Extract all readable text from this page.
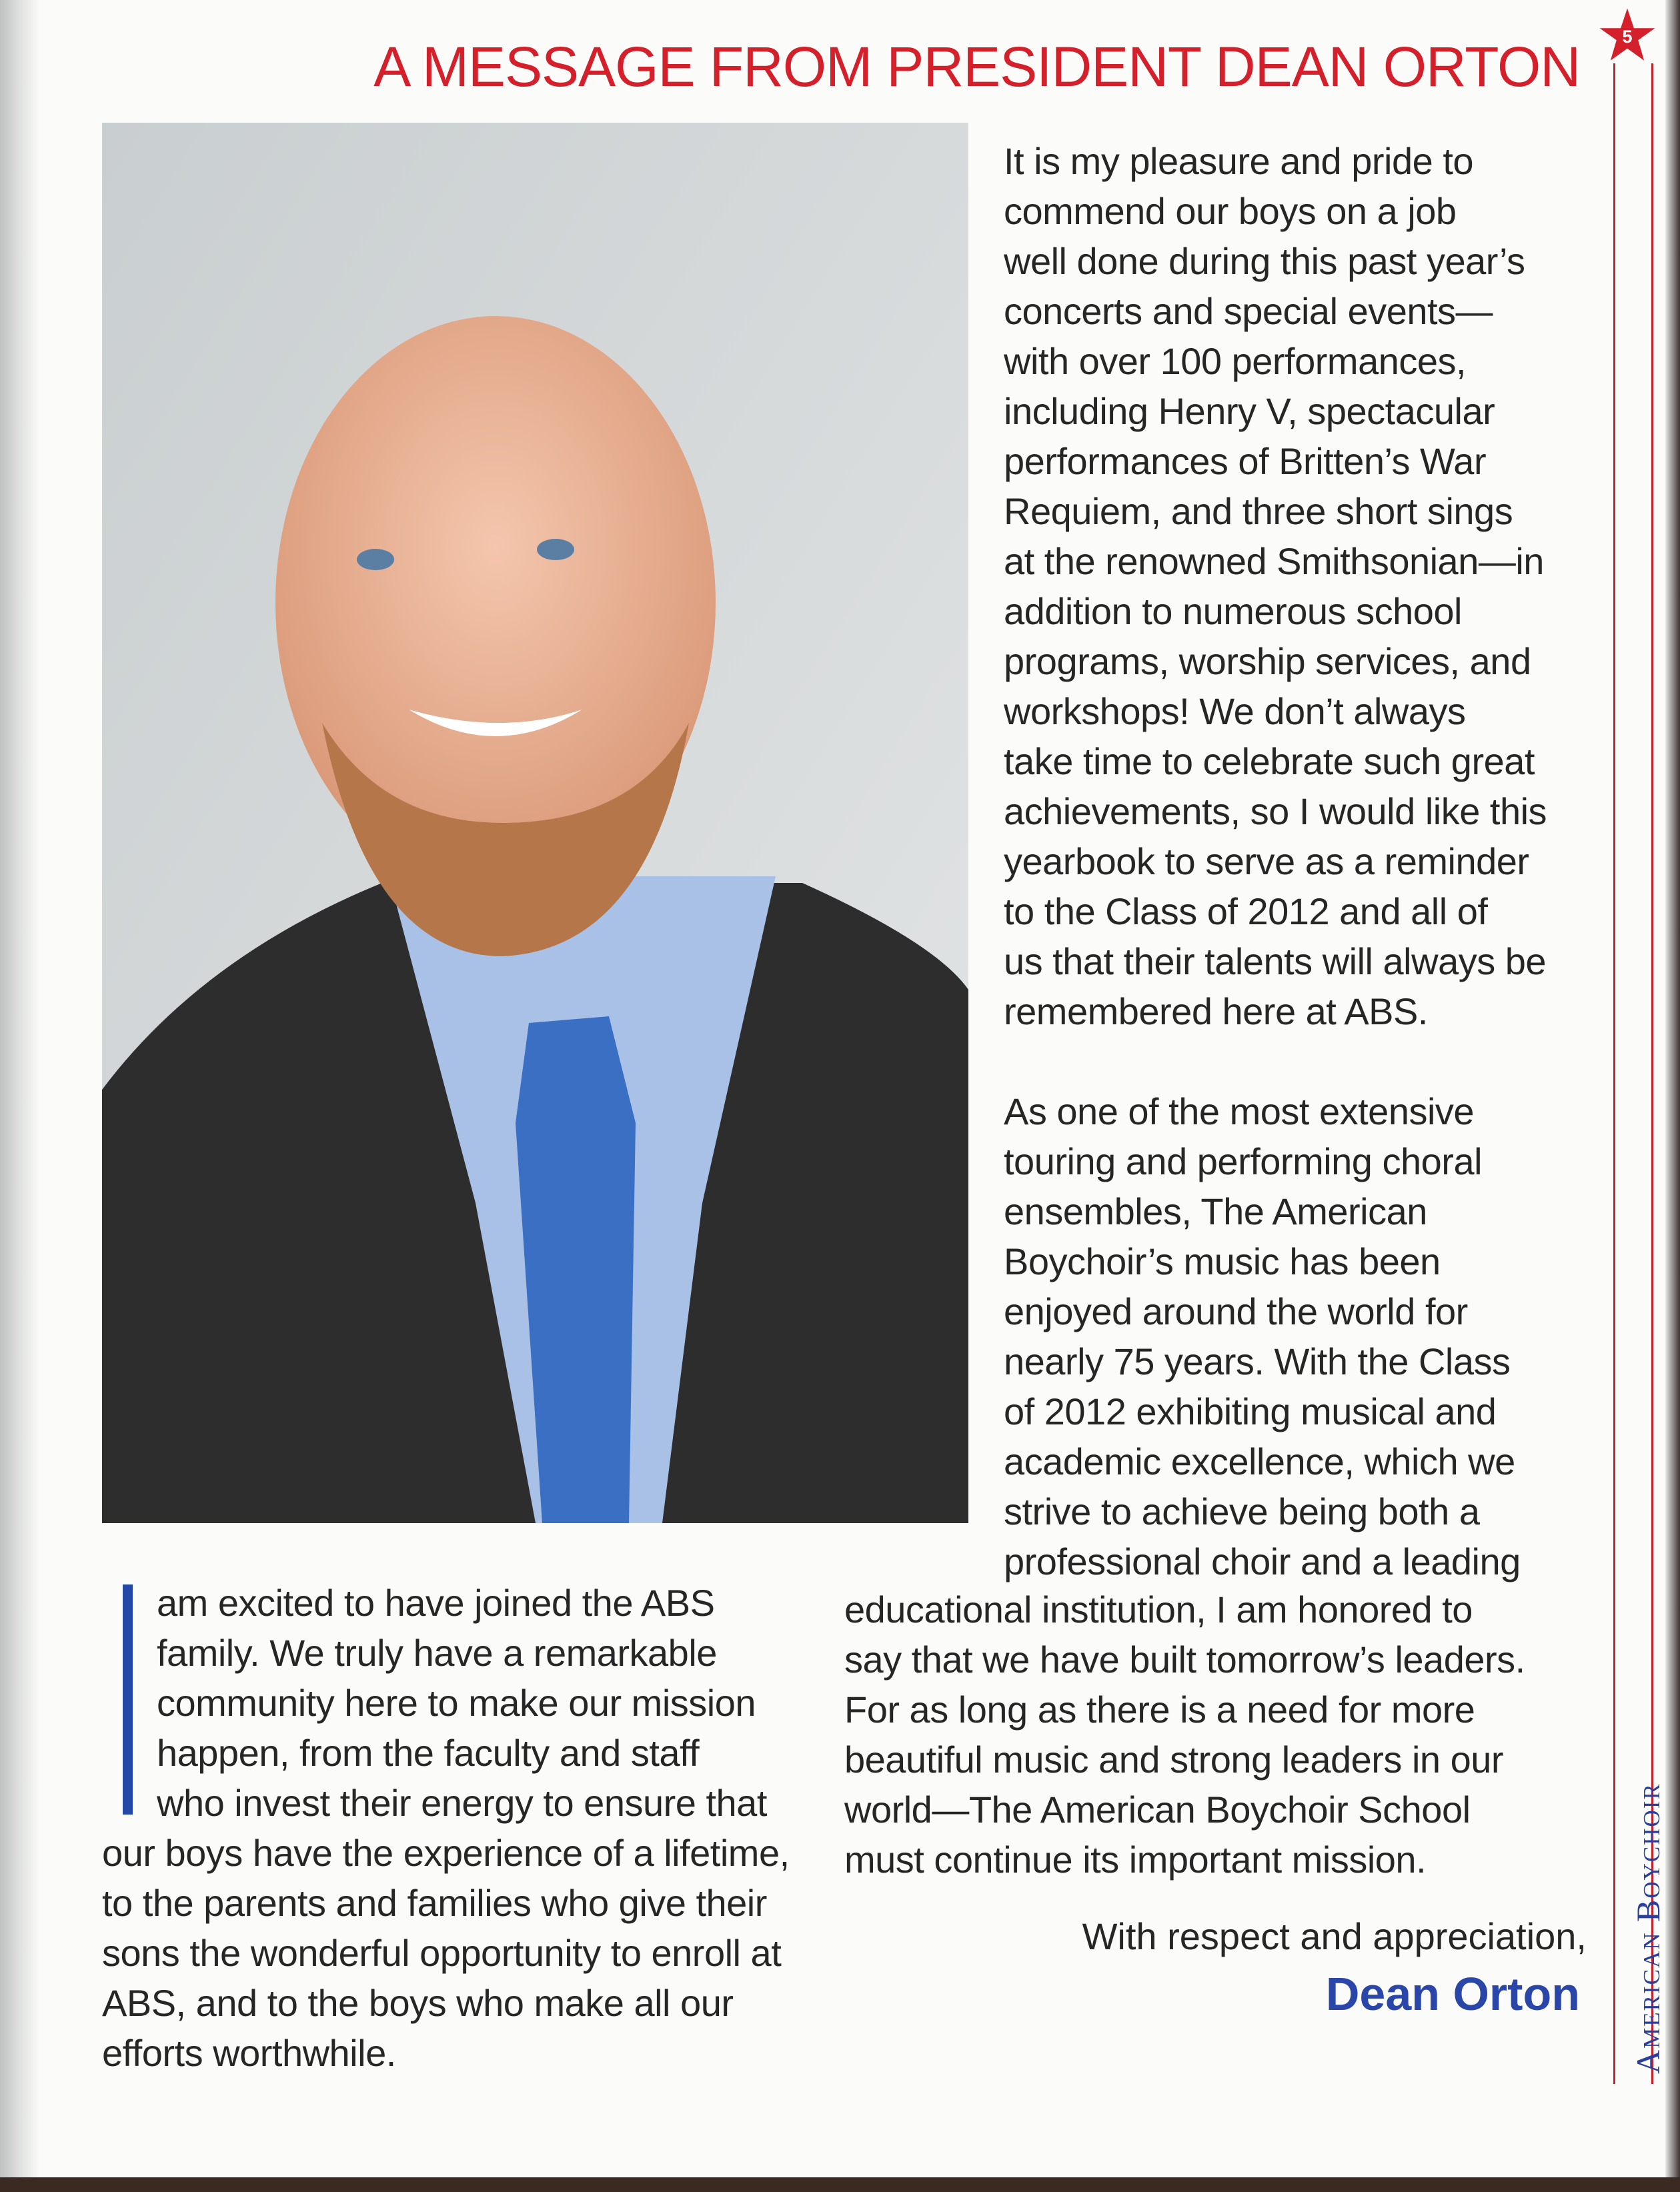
A MESSAGE FROM PRESIDENT DEAN ORTON
It is my pleasure and pride to
commend our boys on a job
well done during this past year’s
concerts and special events—
with over 100 performances,
including Henry V, spectacular
performances of Britten’s War
Requiem, and three short sings
at the renowned Smithsonian—in
addition to numerous school
programs, worship services, and
workshops! We don’t always
take time to celebrate such great
achievements, so I would like this
yearbook to serve as a reminder
to the Class of 2012 and all of
us that their talents will always be
remembered here at ABS.
As one of the most extensive
touring and performing choral
ensembles, The American
Boychoir’s music has been
enjoyed around the world for
nearly 75 years. With the Class
of 2012 exhibiting musical and
academic excellence, which we
strive to achieve being both a
professional choir and a leading
educational institution, I am honored to
say that we have built tomorrow’s leaders.
For as long as there is a need for more
beautiful music and strong leaders in our
world—The American Boychoir School
must continue its important mission.
am excited to have joined the ABS
family. We truly have a remarkable
community here to make our mission
happen, from the faculty and staff
who invest their energy to ensure that
our boys have the experience of a lifetime,
to the parents and families who give their
sons the wonderful opportunity to enroll at
ABS, and to the boys who make all our
efforts worthwhile.
With respect and appreciation,
Dean Orton
5
American Boychoir
